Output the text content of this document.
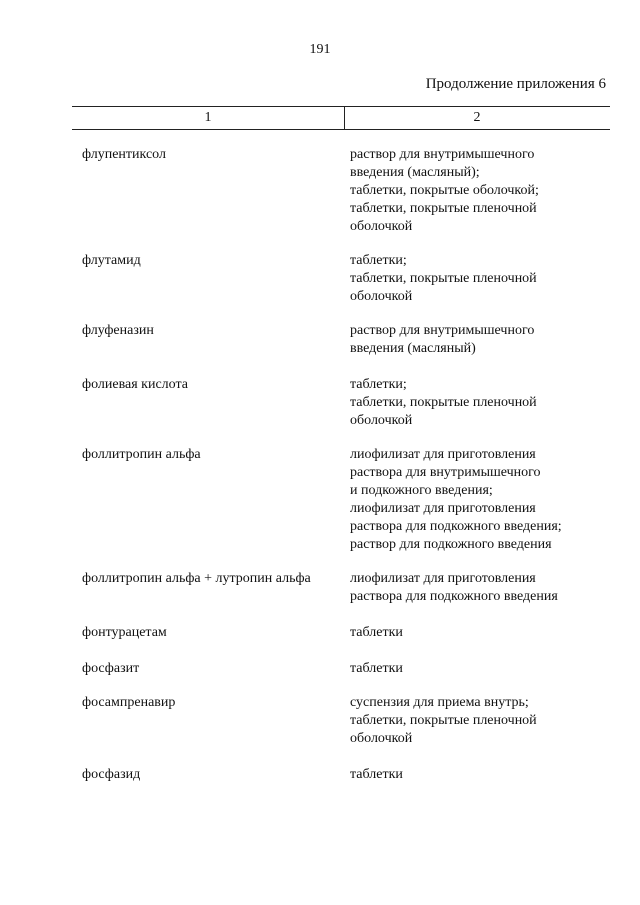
191
Продолжение приложения 6
1	2
флупентиксол	раствор для внутримышечного
введения (масляный);
таблетки, покрытые оболочкой;
таблетки, покрытые пленочной
оболочкой
флутамид	таблетки;
таблетки, покрытые пленочной
оболочкой
флуфеназин	раствор для внутримышечного
введения (масляный)
фолиевая кислота	таблетки;
таблетки, покрытые пленочной
оболочкой
фоллитропин альфа	лиофилизат для приготовления
раствора для внутримышечного
и подкожного введения;
лиофилизат для приготовления
раствора для подкожного введения;
раствор для подкожного введения
фоллитропин альфа + лутропин альфа	лиофилизат для приготовления
раствора для подкожного введения
фонтурацетам	таблетки
фосфазит	таблетки
фосампренавир	суспензия для приема внутрь;
таблетки, покрытые пленочной
оболочкой
фосфазид	таблетки
